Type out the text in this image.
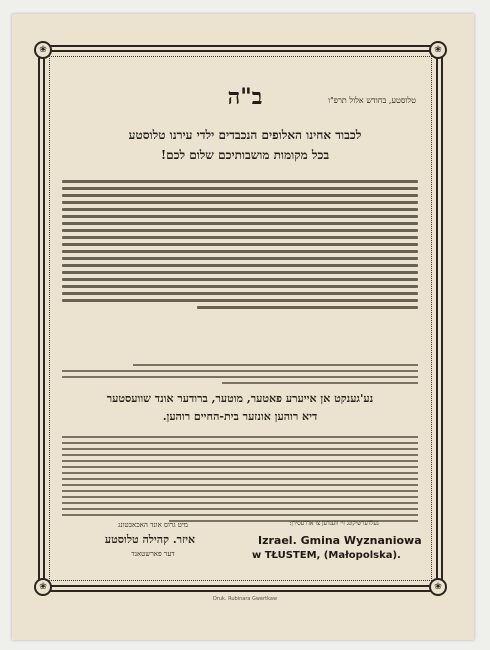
❀	❀
❀	❀
ב"ה	טלוסטע, בחודש אלול תרפ"ו
לכבוד אחינו האלופים הנכבדים ילדי עירנו טלוסטע
בכל מקומות מושבותיכם שלום לכם!
נע'גענקט אן אייערע פאטער, מוטער, ברודער אונד שוועסטער
דיא רוהען אונזער בית-החיים רוהען.
מיט גרוס אונד האכאכטונג
איזר. קהילה טלוסטע
דער פארשטאנד
געלדערשיקונג זיי ווענדען צו אדרעסירן:
Izrael. Gmina Wyznaniowa
w TŁUSTEM, (Małopolska).
Druk. Rubinara Gwertkaw
